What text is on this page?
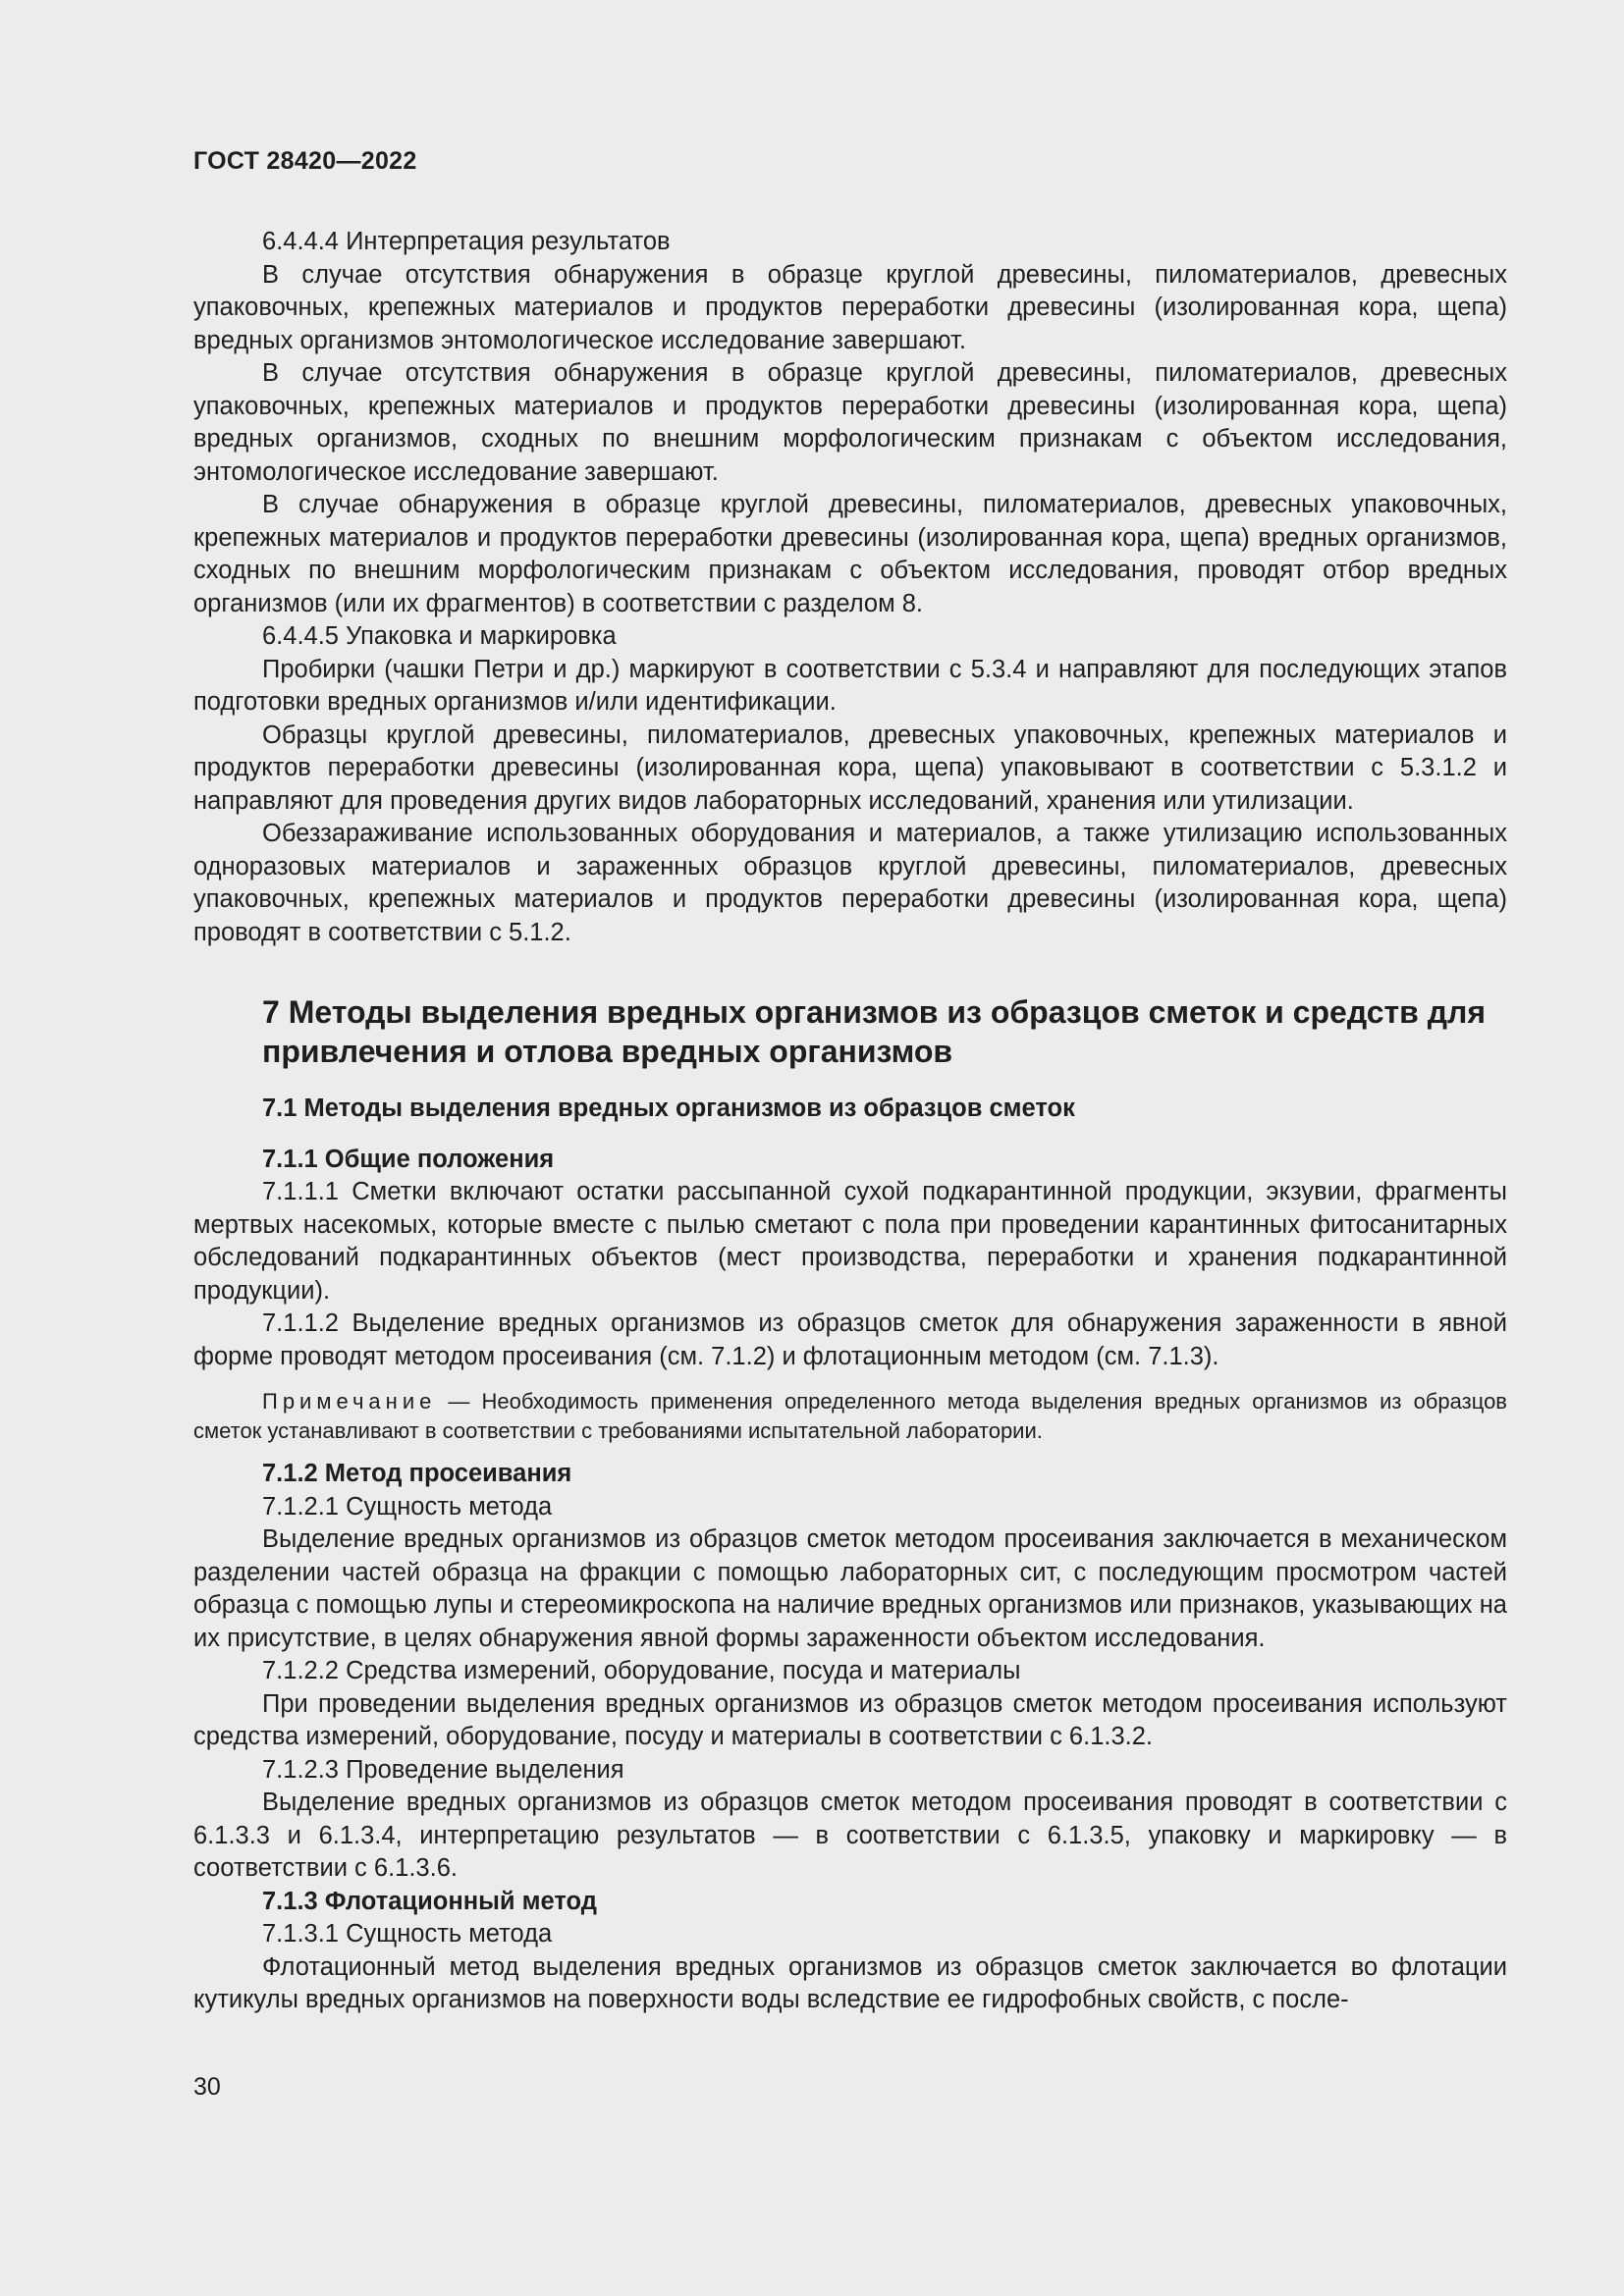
ГОСТ 28420—2022

6.4.4.4 Интерпретация результатов

В случае отсутствия обнаружения в образце круглой древесины, пиломатериалов, древесных упаковочных, крепежных материалов и продуктов переработки древесины (изолированная кора, щепа) вредных организмов энтомологическое исследование завершают.

В случае отсутствия обнаружения в образце круглой древесины, пиломатериалов, древесных упаковочных, крепежных материалов и продуктов переработки древесины (изолированная кора, щепа) вредных организмов, сходных по внешним морфологическим признакам с объектом исследования, энтомологическое исследование завершают.

В случае обнаружения в образце круглой древесины, пиломатериалов, древесных упаковочных, крепежных материалов и продуктов переработки древесины (изолированная кора, щепа) вредных организмов, сходных по внешним морфологическим признакам с объектом исследования, проводят отбор вредных организмов (или их фрагментов) в соответствии с разделом 8.

6.4.4.5 Упаковка и маркировка

Пробирки (чашки Петри и др.) маркируют в соответствии с 5.3.4 и направляют для последующих этапов подготовки вредных организмов и/или идентификации.

Образцы круглой древесины, пиломатериалов, древесных упаковочных, крепежных материалов и продуктов переработки древесины (изолированная кора, щепа) упаковывают в соответствии с 5.3.1.2 и направляют для проведения других видов лабораторных исследований, хранения или утилизации.

Обеззараживание использованных оборудования и материалов, а также утилизацию использованных одноразовых материалов и зараженных образцов круглой древесины, пиломатериалов, древесных упаковочных, крепежных материалов и продуктов переработки древесины (изолированная кора, щепа) проводят в соответствии с 5.1.2.

7 Методы выделения вредных организмов из образцов сметок и средств для привлечения и отлова вредных организмов
7.1 Методы выделения вредных организмов из образцов сметок
7.1.1 Общие положения

7.1.1.1 Сметки включают остатки рассыпанной сухой подкарантинной продукции, экзувии, фрагменты мертвых насекомых, которые вместе с пылью сметают с пола при проведении карантинных фитосанитарных обследований подкарантинных объектов (мест производства, переработки и хранения подкарантинной продукции).

7.1.1.2 Выделение вредных организмов из образцов сметок для обнаружения зараженности в явной форме проводят методом просеивания (см. 7.1.2) и флотационным методом (см. 7.1.3).

Примечание — Необходимость применения определенного метода выделения вредных организмов из образцов сметок устанавливают в соответствии с требованиями испытательной лаборатории.

7.1.2 Метод просеивания

7.1.2.1 Сущность метода

Выделение вредных организмов из образцов сметок методом просеивания заключается в механическом разделении частей образца на фракции с помощью лабораторных сит, с последующим просмотром частей образца с помощью лупы и стереомикроскопа на наличие вредных организмов или признаков, указывающих на их присутствие, в целях обнаружения явной формы зараженности объектом исследования.

7.1.2.2 Средства измерений, оборудование, посуда и материалы

При проведении выделения вредных организмов из образцов сметок методом просеивания используют средства измерений, оборудование, посуду и материалы в соответствии с 6.1.3.2.

7.1.2.3 Проведение выделения

Выделение вредных организмов из образцов сметок методом просеивания проводят в соответствии с 6.1.3.3 и 6.1.3.4, интерпретацию результатов — в соответствии с 6.1.3.5, упаковку и маркировку — в соответствии с 6.1.3.6.

7.1.3 Флотационный метод

7.1.3.1 Сущность метода

Флотационный метод выделения вредных организмов из образцов сметок заключается во флотации кутикулы вредных организмов на поверхности воды вследствие ее гидрофобных свойств, с после-

30
